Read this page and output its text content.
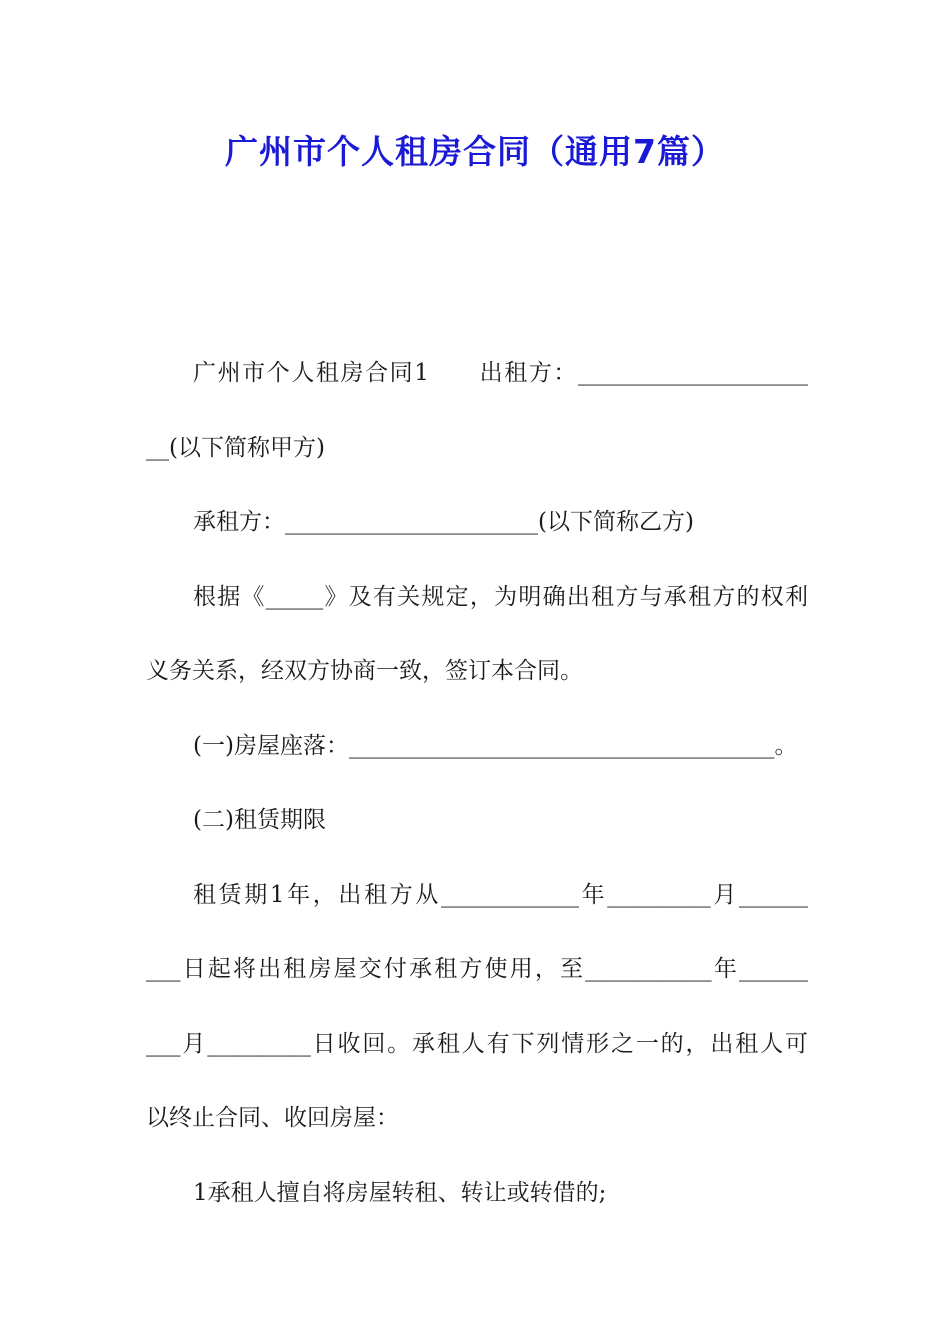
广州市个人租房合同（通用7篇）
广州市个人租房合同1　　出租方：____________________
__(以下简称甲方)
承租方：______________________(以下简称乙方)
根据《_____》及有关规定，为明确出租方与承租方的权利
义务关系，经双方协商一致，签订本合同。
(一)房屋座落：_____________________________________。
(二)租赁期限
租赁期1年，出租方从____________年_________月______
___日起将出租房屋交付承租方使用，至___________年______
___月_________日收回。承租人有下列情形之一的，出租人可
以终止合同、收回房屋：
1承租人擅自将房屋转租、转让或转借的;
